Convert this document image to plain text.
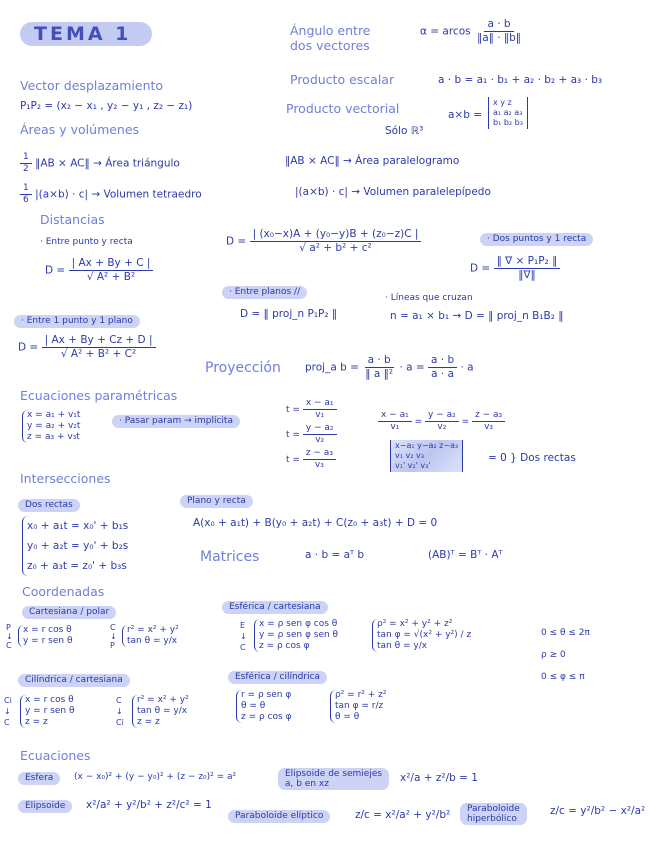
TEMA 1	Ángulo entre
dos vectores
α = arcos $\frac{a \cdot b}{‖a‖ \cdot ‖b‖}$
Vector desplazamiento
P₁P₂ = (x₂ − x₁ , y₂ − y₁ , z₂ − z₁)
Producto escalar	a · b = a₁ · b₁ + a₂ · b₂ + a₃ · b₃
Producto vectorial	a×b =
x y z
a₁ a₂ a₃
b₁ b₂ b₃
Sólo ℝ³
Áreas y volúmenes
$\frac{1}{2}$ ‖AB × AC‖ → Área triángulo	‖AB × AC‖ → Área paralelogramo
$\frac{1}{6} |(a\times b) \cdot c|$ → Volumen tetraedro	|(a×b) · c| → Volumen paralelepípedo
Distancias
· Entre punto y recta
$D = \frac{| Ax + By + C |}{\text{√ A² + B²}}$
$D = \frac{\text{| (x₀−x)A + (y₀−y)B + (z₀−z)C |}}{\text{√ a² + b² + c²}}$	· Dos puntos y 1 recta
$D = \frac{\text{‖ ∇ × P₁P₂ ‖}}{‖\nabla‖}$
· Entre planos //
D = ‖ proj_n P₁P₂ ‖
· Líneas que cruzan
n = a₁ × b₁ → D = ‖ proj_n B₁B₂ ‖
· Entre 1 punto y 1 plano
$D = \frac{| Ax + By + Cz + D |}{\text{√ A² + B² + C²}}$
Proyección proj_a $b = \frac{a \cdot b}{\text{‖ a ‖²}} \cdot a = \frac{a \cdot b}{a \cdot a} \cdot a$
Ecuaciones paramétricas
x = a₁ + v₁t
y = a₂ + v₂t
z = a₃ + v₃t
· Pasar param → implícita
$t = \frac{\text{x − a₁}}{\text{v₁}}$
$t = \frac{\text{y − a₂}}{\text{v₂}}$
$t = \frac{\text{z − a₃}}{\text{v₃}}$
$\frac{\text{x − a₁}}{\text{v₁}} = \frac{\text{y − a₂}}{\text{v₂}} = \frac{\text{z − a₃}}{\text{v₃}}$
x−a₁ y−a₂ z−a₃
v₁ v₂ v₃
v₁' v₂' v₃'
= 0 } Dos rectas
Intersecciones
Dos rectas
x₀ + a₁t = x₀' + b₁s
y₀ + a₂t = y₀' + b₂s
z₀ + a₃t = z₀' + b₃s
Plano y recta
A(x₀ + a₁t) + B(y₀ + a₂t) + C(z₀ + a₃t) + D = 0
Matrices	a · b = aᵀ b	(AB)ᵀ = Bᵀ · Aᵀ
Coordenadas
Cartesiana / polar
P
↓
C
x = r cos θ
y = r sen θ
C
↓
P
r² = x² + y²
tan θ = y/x
Esférica / cartesiana
E
↓
C
x = ρ sen φ cos θ
y = ρ sen φ sen θ
z = ρ cos φ
ρ² = x² + y² + z²
tan φ = √(x² + y²) / z
tan θ = y/x
0 ≤ θ ≤ 2π
ρ ≥ 0
0 ≤ φ ≤ π
Cilíndrica / cartesiana
Ci
↓
C
x = r cos θ
y = r sen θ
z = z
C
↓
Ci
r² = x² + y²
tan θ = y/x
z = z
Esférica / cilíndrica
r = ρ sen φ
θ = θ
z = ρ cos φ
ρ² = r² + z²
tan φ = r/z
θ = θ
Ecuaciones
Esfera	(x − x₀)² + (y − y₀)² + (z − z₀)² = a²	Elipsoide de semiejes
a, b en xz	x²/a + z²/b = 1
Elipsoide	x²/a² + y²/b² + z²/c² = 1
Paraboloide elíptico	z/c = x²/a² + y²/b²	Paraboloide
hiperbólico
z/c = y²/b² − x²/a²
